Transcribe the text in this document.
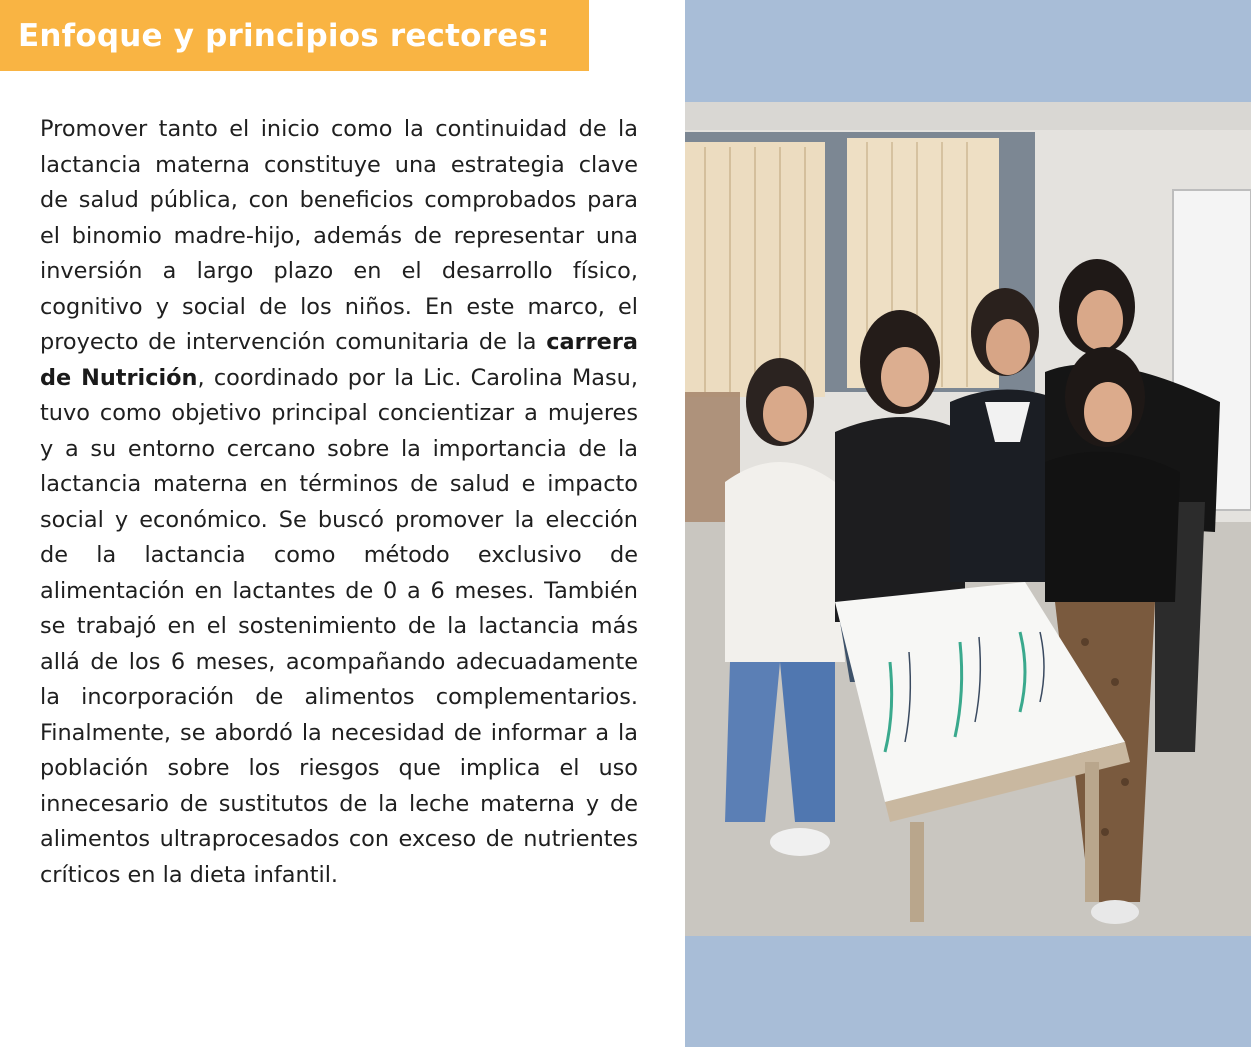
Enfoque y principios rectores:

Promover tanto el inicio como la continuidad de la lactancia materna constituye una estrategia clave de salud pública, con beneficios comprobados para el binomio madre-hijo, además de representar una inversión a largo plazo en el desarrollo físico, cognitivo y social de los niños. En este marco, el proyecto de intervención comunitaria de la carrera de Nutrición, coordinado por la Lic. Carolina Masu, tuvo como objetivo principal concientizar a mujeres y a su entorno cercano sobre la importancia de la lactancia materna en términos de salud e impacto social y económico. Se buscó promover la elección de la lactancia como método exclusivo de alimentación en lactantes de 0 a 6 meses. También se trabajó en el sostenimiento de la lactancia más allá de los 6 meses, acompañando adecuadamente la incorporación de alimentos complementarios. Finalmente, se abordó la necesidad de informar a la población sobre los riesgos que implica el uso innecesario de sustitutos de la leche materna y de alimentos ultraprocesados con exceso de nutrientes críticos en la dieta infantil.
